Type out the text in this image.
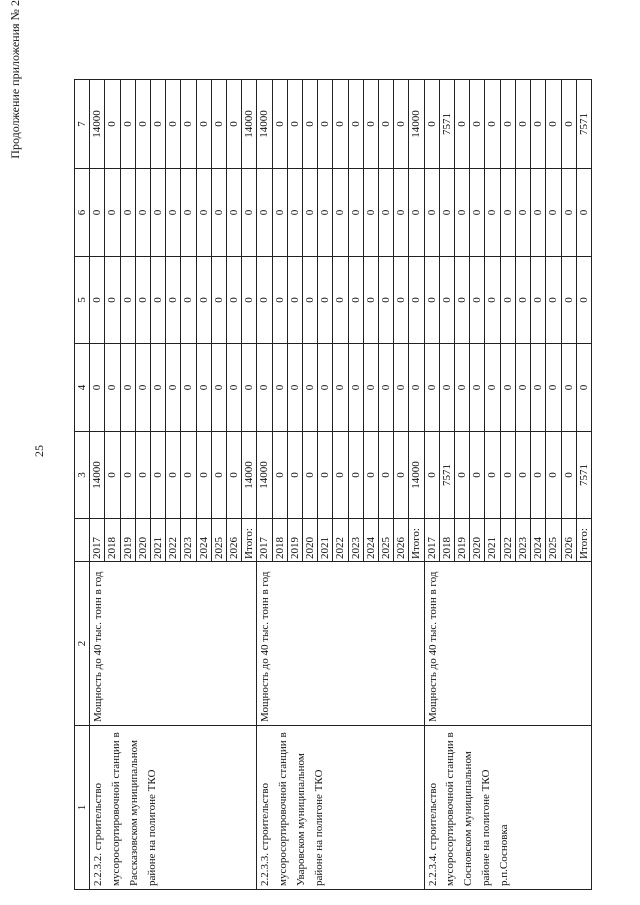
25
Продолжение приложения № 2
1	2		3	4	5	6	7
2.2.3.2. строительство мусоросортировочной станции в Рассказовском муниципальном районе на полигоне ТКО	Мощность до 40 тыс. тонн в год	2017	14000	0	0	0	14000
		2018	0	0	0	0	0
		2019	0	0	0	0	0
		2020	0	0	0	0	0
		2021	0	0	0	0	0
		2022	0	0	0	0	0
		2023	0	0	0	0	0
		2024	0	0	0	0	0
		2025	0	0	0	0	0
		2026	0	0	0	0	0
		Итого:	14000	0	0	0	14000
2.2.3.3. строительство мусоросортировочной станции в Уваровском муниципальном районе на полигоне ТКО	Мощность до 40 тыс. тонн в год	2017	14000	0	0	0	14000
		2018	0	0	0	0	0
		2019	0	0	0	0	0
		2020	0	0	0	0	0
		2021	0	0	0	0	0
		2022	0	0	0	0	0
		2023	0	0	0	0	0
		2024	0	0	0	0	0
		2025	0	0	0	0	0
		2026	0	0	0	0	0
		Итого:	14000	0	0	0	14000
2.2.3.4. строительство мусоросортировочной станции в Сосновском муниципальном районе на полигоне ТКО р.п.Сосновка	Мощность до 40 тыс. тонн в год	2017	0	0	0	0	0
		2018	7571	0	0	0	7571
		2019	0	0	0	0	0
		2020	0	0	0	0	0
		2021	0	0	0	0	0
		2022	0	0	0	0	0
		2023	0	0	0	0	0
		2024	0	0	0	0	0
		2025	0	0	0	0	0
		2026	0	0	0	0	0
		Итого:	7571	0	0	0	7571
